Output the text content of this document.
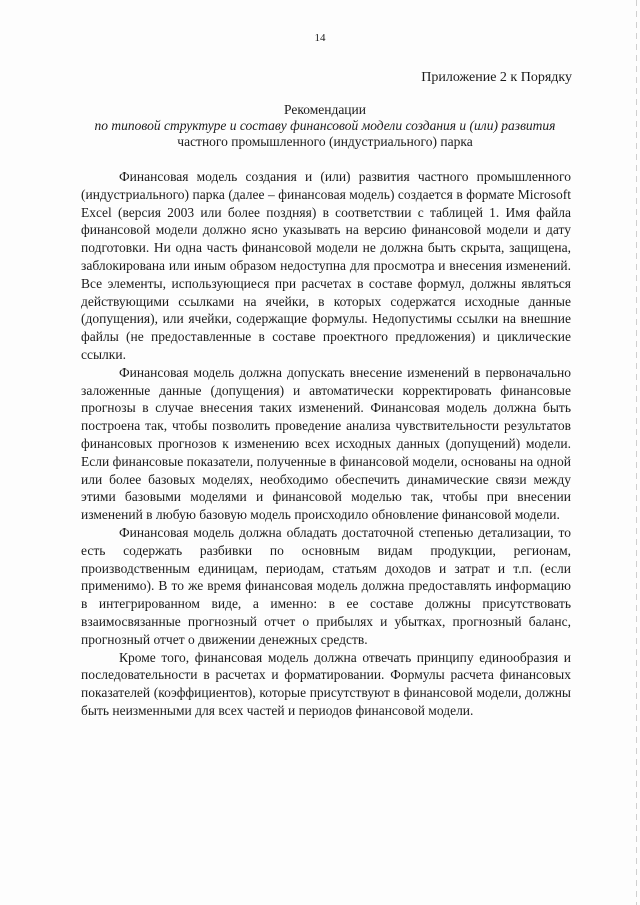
14
Приложение 2 к Порядку
Рекомендации
по типовой структуре и составу финансовой модели создания и (или) развития
частного промышленного (индустриального) парка

Финансовая модель создания и (или) развития частного промышленного (индустриального) парка (далее – финансовая модель) создается в формате Microsoft Excel (версия 2003 или более поздняя) в соответствии с таблицей 1. Имя файла финансовой модели должно ясно указывать на версию финансовой модели и дату подготовки. Ни одна часть финансовой модели не должна быть скрыта, защищена, заблокирована или иным образом недоступна для просмотра и внесения изменений. Все элементы, использующиеся при расчетах в составе формул, должны являться действующими ссылками на ячейки, в которых содержатся исходные данные (допущения), или ячейки, содержащие формулы. Недопустимы ссылки на внешние файлы (не предоставленные в составе проектного предложения) и циклические ссылки.

Финансовая модель должна допускать внесение изменений в первоначально заложенные данные (допущения) и автоматически корректировать финансовые прогнозы в случае внесения таких изменений. Финансовая модель должна быть построена так, чтобы позволить проведение анализа чувствительности результатов финансовых прогнозов к изменению всех исходных данных (допущений) модели. Если финансовые показатели, полученные в финансовой модели, основаны на одной или более базовых моделях, необходимо обеспечить динамические связи между этими базовыми моделями и финансовой моделью так, чтобы при внесении изменений в любую базовую модель происходило обновление финансовой модели.

Финансовая модель должна обладать достаточной степенью детализации, то есть содержать разбивки по основным видам продукции, регионам, производственным единицам, периодам, статьям доходов и затрат и т.п. (если применимо). В то же время финансовая модель должна предоставлять информацию в интегрированном виде, а именно: в ее составе должны присутствовать взаимосвязанные прогнозный отчет о прибылях и убытках, прогнозный баланс, прогнозный отчет о движении денежных средств.

Кроме того, финансовая модель должна отвечать принципу единообразия и последовательности в расчетах и форматировании. Формулы расчета финансовых показателей (коэффициентов), которые присутствуют в финансовой модели, должны быть неизменными для всех частей и периодов финансовой модели.
